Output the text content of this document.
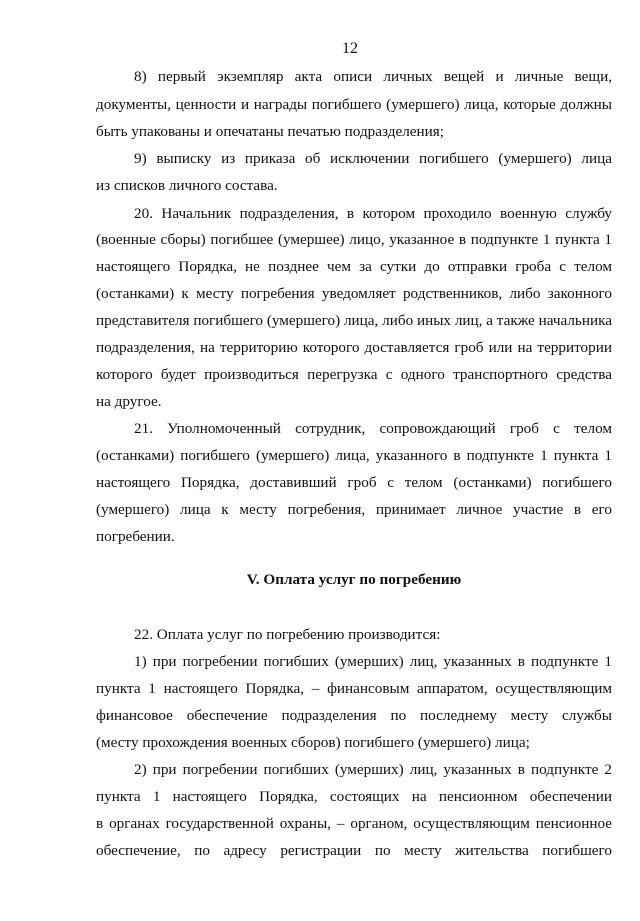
12
8) первый экземпляр акта описи личных вещей и личные вещи,
документы, ценности и награды погибшего (умершего) лица, которые должны
быть упакованы и опечатаны печатью подразделения;
9) выписку из приказа об исключении погибшего (умершего) лица
из списков личного состава.
20. Начальник подразделения, в котором проходило военную службу
(военные сборы) погибшее (умершее) лицо, указанное в подпункте 1 пункта 1
настоящего Порядка, не позднее чем за сутки до отправки гроба с телом
(останками) к месту погребения уведомляет родственников, либо законного
представителя погибшего (умершего) лица, либо иных лиц, а также начальника
подразделения, на территорию которого доставляется гроб или на территории
которого будет производиться перегрузка с одного транспортного средства
на другое.
21. Уполномоченный сотрудник, сопровождающий гроб с телом
(останками) погибшего (умершего) лица, указанного в подпункте 1 пункта 1
настоящего Порядка, доставивший гроб с телом (останками) погибшего
(умершего) лица к месту погребения, принимает личное участие в его
погребении.
V. Оплата услуг по погребению
22. Оплата услуг по погребению производится:
1) при погребении погибших (умерших) лиц, указанных в подпункте 1
пункта 1 настоящего Порядка, – финансовым аппаратом, осуществляющим
финансовое обеспечение подразделения по последнему месту службы
(месту прохождения военных сборов) погибшего (умершего) лица;
2) при погребении погибших (умерших) лиц, указанных в подпункте 2
пункта 1 настоящего Порядка, состоящих на пенсионном обеспечении
в органах государственной охраны, – органом, осуществляющим пенсионное
обеспечение, по адресу регистрации по месту жительства погибшего
